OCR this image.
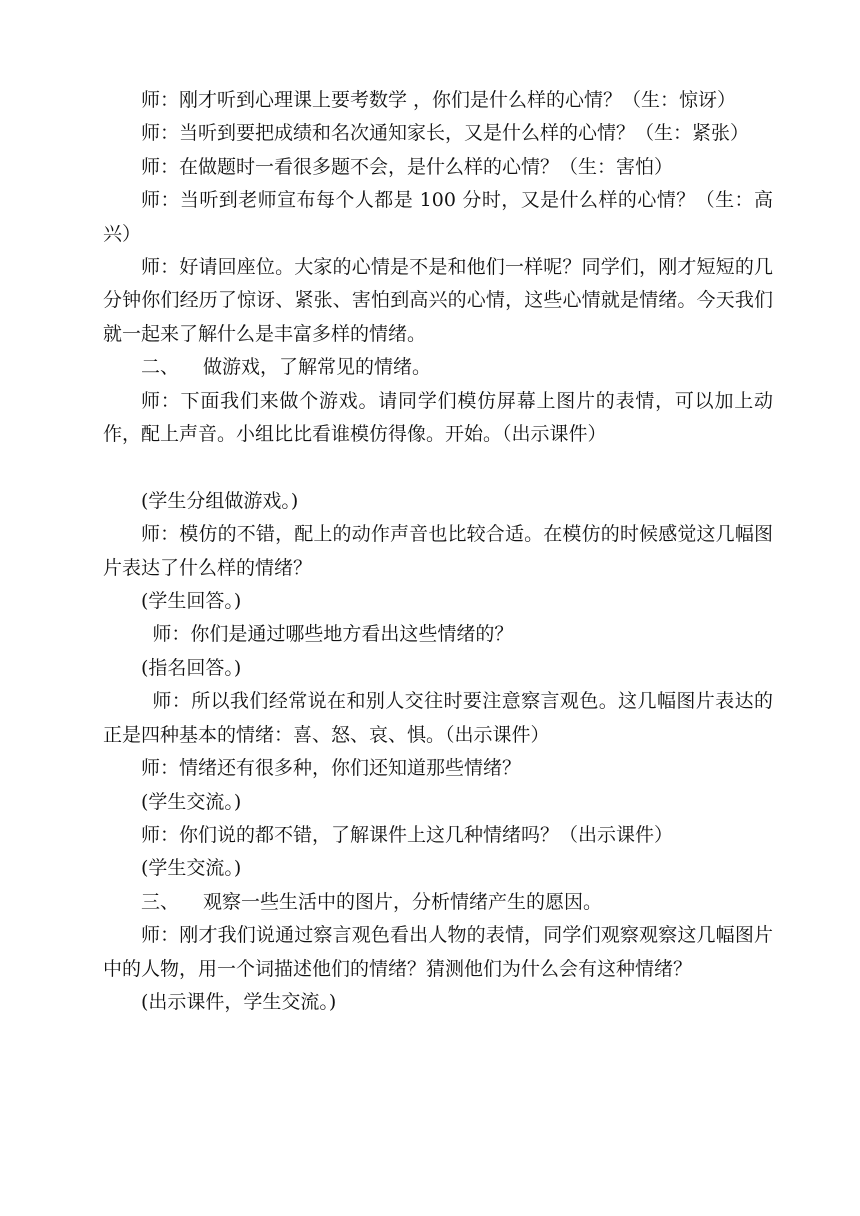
师：刚才听到心理课上要考数学 ，你们是什么样的心情？（生：惊讶）

师：当听到要把成绩和名次通知家长，又是什么样的心情？（生：紧张）

师：在做题时一看很多题不会，是什么样的心情？（生：害怕）

师：当听到老师宣布每个人都是 100 分时，又是什么样的心情？（生：高兴）

师：好请回座位。大家的心情是不是和他们一样呢？同学们，刚才短短的几分钟你们经历了惊讶、紧张、害怕到高兴的心情，这些心情就是情绪。今天我们就一起来了解什么是丰富多样的情绪。

二、 做游戏，了解常见的情绪。

师：下面我们来做个游戏。请同学们模仿屏幕上图片的表情，可以加上动作，配上声音。小组比比看谁模仿得像。开始。（出示课件）

(学生分组做游戏。)

师：模仿的不错，配上的动作声音也比较合适。在模仿的时候感觉这几幅图片表达了什么样的情绪？

(学生回答。)

师：你们是通过哪些地方看出这些情绪的？

(指名回答。)

师：所以我们经常说在和别人交往时要注意察言观色。这几幅图片表达的正是四种基本的情绪：喜、怒、哀、惧。（出示课件）

师：情绪还有很多种，你们还知道那些情绪？

(学生交流。)

师：你们说的都不错，了解课件上这几种情绪吗？（出示课件）

(学生交流。)

三、 观察一些生活中的图片，分析情绪产生的愿因。

师：刚才我们说通过察言观色看出人物的表情，同学们观察观察这几幅图片中的人物，用一个词描述他们的情绪？猜测他们为什么会有这种情绪？

(出示课件，学生交流。)
